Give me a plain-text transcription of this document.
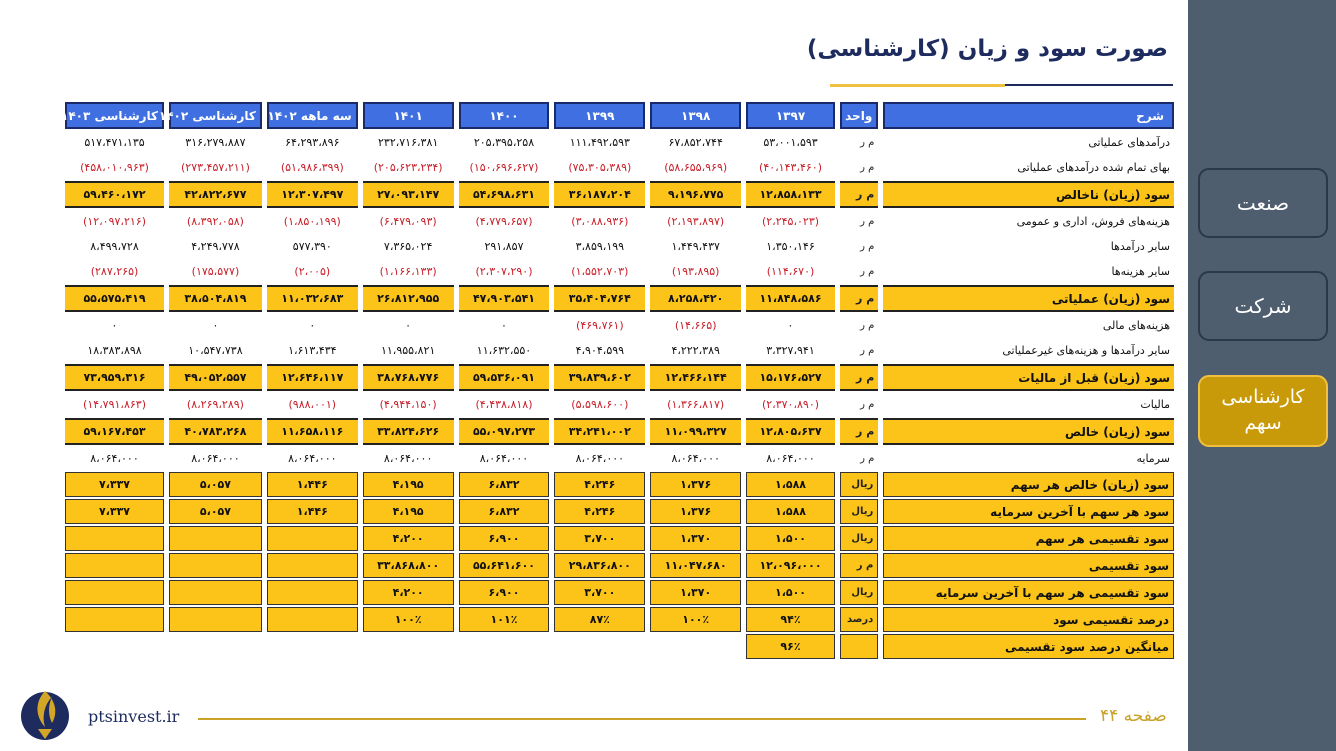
صورت سود و زیان (کارشناسی)
شرح	واحد	۱۳۹۷	۱۳۹۸	۱۳۹۹	۱۴۰۰	۱۴۰۱	سه ماهه ۱۴۰۲	کارشناسی ۱۴۰۲	کارشناسی ۱۴۰۳
درآمدهای عملیاتی	م ر	۵۳،۰۰۱،۵۹۳	۶۷،۸۵۲،۷۴۴	۱۱۱،۴۹۲،۵۹۳	۲۰۵،۳۹۵،۲۵۸	۲۳۲،۷۱۶،۳۸۱	۶۴،۲۹۳،۸۹۶	۳۱۶،۲۷۹،۸۸۷	۵۱۷،۴۷۱،۱۳۵
بهای تمام شده درآمدهای عملیاتی	م ر	(۴۰،۱۴۳،۴۶۰)	(۵۸،۶۵۵،۹۶۹)	(۷۵،۳۰۵،۳۸۹)	(۱۵۰،۶۹۶،۶۲۷)	(۲۰۵،۶۲۳،۲۳۴)	(۵۱،۹۸۶،۳۹۹)	(۲۷۳،۴۵۷،۲۱۱)	(۴۵۸،۰۱۰،۹۶۳)
سود (زیان) ناخالص	م ر	۱۲،۸۵۸،۱۳۳	۹،۱۹۶،۷۷۵	۳۶،۱۸۷،۲۰۴	۵۴،۶۹۸،۶۳۱	۲۷،۰۹۳،۱۴۷	۱۲،۳۰۷،۴۹۷	۴۲،۸۲۲،۶۷۷	۵۹،۴۶۰،۱۷۲
هزینه‌های فروش، اداری و عمومی	م ر	(۲،۲۴۵،۰۲۳)	(۲،۱۹۳،۸۹۷)	(۳،۰۸۸،۹۳۶)	(۴،۷۷۹،۶۵۷)	(۶،۴۷۹،۰۹۳)	(۱،۸۵۰،۱۹۹)	(۸،۳۹۲،۰۵۸)	(۱۲،۰۹۷،۲۱۶)
سایر درآمدها	م ر	۱،۳۵۰،۱۴۶	۱،۴۴۹،۴۳۷	۳،۸۵۹،۱۹۹	۲۹۱،۸۵۷	۷،۳۶۵،۰۲۴	۵۷۷،۳۹۰	۴،۲۴۹،۷۷۸	۸،۴۹۹،۷۲۸
سایر هزینه‌ها	م ر	(۱۱۴،۶۷۰)	(۱۹۳،۸۹۵)	(۱،۵۵۲،۷۰۳)	(۲،۳۰۷،۲۹۰)	(۱،۱۶۶،۱۳۳)	(۲،۰۰۵)	(۱۷۵،۵۷۷)	(۲۸۷،۲۶۵)
سود (زیان) عملیاتی	م ر	۱۱،۸۴۸،۵۸۶	۸،۲۵۸،۴۲۰	۳۵،۴۰۴،۷۶۴	۴۷،۹۰۳،۵۴۱	۲۶،۸۱۲،۹۵۵	۱۱،۰۳۲،۶۸۳	۳۸،۵۰۴،۸۱۹	۵۵،۵۷۵،۴۱۹
هزینه‌های مالی	م ر	۰	(۱۴،۶۶۵)	(۴۶۹،۷۶۱)	۰	۰	۰	۰	۰
سایر درآمدها و هزینه‌های غیرعملیاتی	م ر	۳،۳۲۷،۹۴۱	۴،۲۲۲،۳۸۹	۴،۹۰۴،۵۹۹	۱۱،۶۳۲،۵۵۰	۱۱،۹۵۵،۸۲۱	۱،۶۱۳،۴۳۴	۱۰،۵۴۷،۷۳۸	۱۸،۳۸۳،۸۹۸
سود (زیان) قبل از مالیات	م ر	۱۵،۱۷۶،۵۲۷	۱۲،۴۶۶،۱۴۴	۳۹،۸۳۹،۶۰۲	۵۹،۵۳۶،۰۹۱	۳۸،۷۶۸،۷۷۶	۱۲،۶۴۶،۱۱۷	۴۹،۰۵۲،۵۵۷	۷۳،۹۵۹،۳۱۶
مالیات	م ر	(۲،۳۷۰،۸۹۰)	(۱،۳۶۶،۸۱۷)	(۵،۵۹۸،۶۰۰)	(۴،۴۳۸،۸۱۸)	(۴،۹۴۴،۱۵۰)	(۹۸۸،۰۰۱)	(۸،۲۶۹،۲۸۹)	(۱۴،۷۹۱،۸۶۳)
سود (زیان) خالص	م ر	۱۲،۸۰۵،۶۳۷	۱۱،۰۹۹،۳۲۷	۳۴،۲۴۱،۰۰۲	۵۵،۰۹۷،۲۷۳	۳۳،۸۲۴،۶۲۶	۱۱،۶۵۸،۱۱۶	۴۰،۷۸۳،۲۶۸	۵۹،۱۶۷،۴۵۳
سرمایه	م ر	۸،۰۶۴،۰۰۰	۸،۰۶۴،۰۰۰	۸،۰۶۴،۰۰۰	۸،۰۶۴،۰۰۰	۸،۰۶۴،۰۰۰	۸،۰۶۴،۰۰۰	۸،۰۶۴،۰۰۰	۸،۰۶۴،۰۰۰
سود (زیان) خالص هر سهم	ریال	۱،۵۸۸	۱،۳۷۶	۴،۲۴۶	۶،۸۳۲	۴،۱۹۵	۱،۴۴۶	۵،۰۵۷	۷،۳۳۷
سود هر سهم با آخرین سرمایه	ریال	۱،۵۸۸	۱،۳۷۶	۴،۲۴۶	۶،۸۳۲	۴،۱۹۵	۱،۴۴۶	۵،۰۵۷	۷،۳۳۷
سود تقسیمی هر سهم	ریال	۱،۵۰۰	۱،۳۷۰	۳،۷۰۰	۶،۹۰۰	۴،۲۰۰			
سود تقسیمی	م ر	۱۲،۰۹۶،۰۰۰	۱۱،۰۴۷،۶۸۰	۲۹،۸۳۶،۸۰۰	۵۵،۶۴۱،۶۰۰	۳۳،۸۶۸،۸۰۰			
سود تقسیمی هر سهم با آخرین سرمایه	ریال	۱،۵۰۰	۱،۳۷۰	۳،۷۰۰	۶،۹۰۰	۴،۲۰۰			
درصد تقسیمی سود	درصد	۹۴٪	۱۰۰٪	۸۷٪	۱۰۱٪	۱۰۰٪			
میانگین درصد سود تقسیمی		۹۶٪							
ptsinvest.ir	صفحه ۴۴
صنعت
شرکت
کارشناسی سهم
